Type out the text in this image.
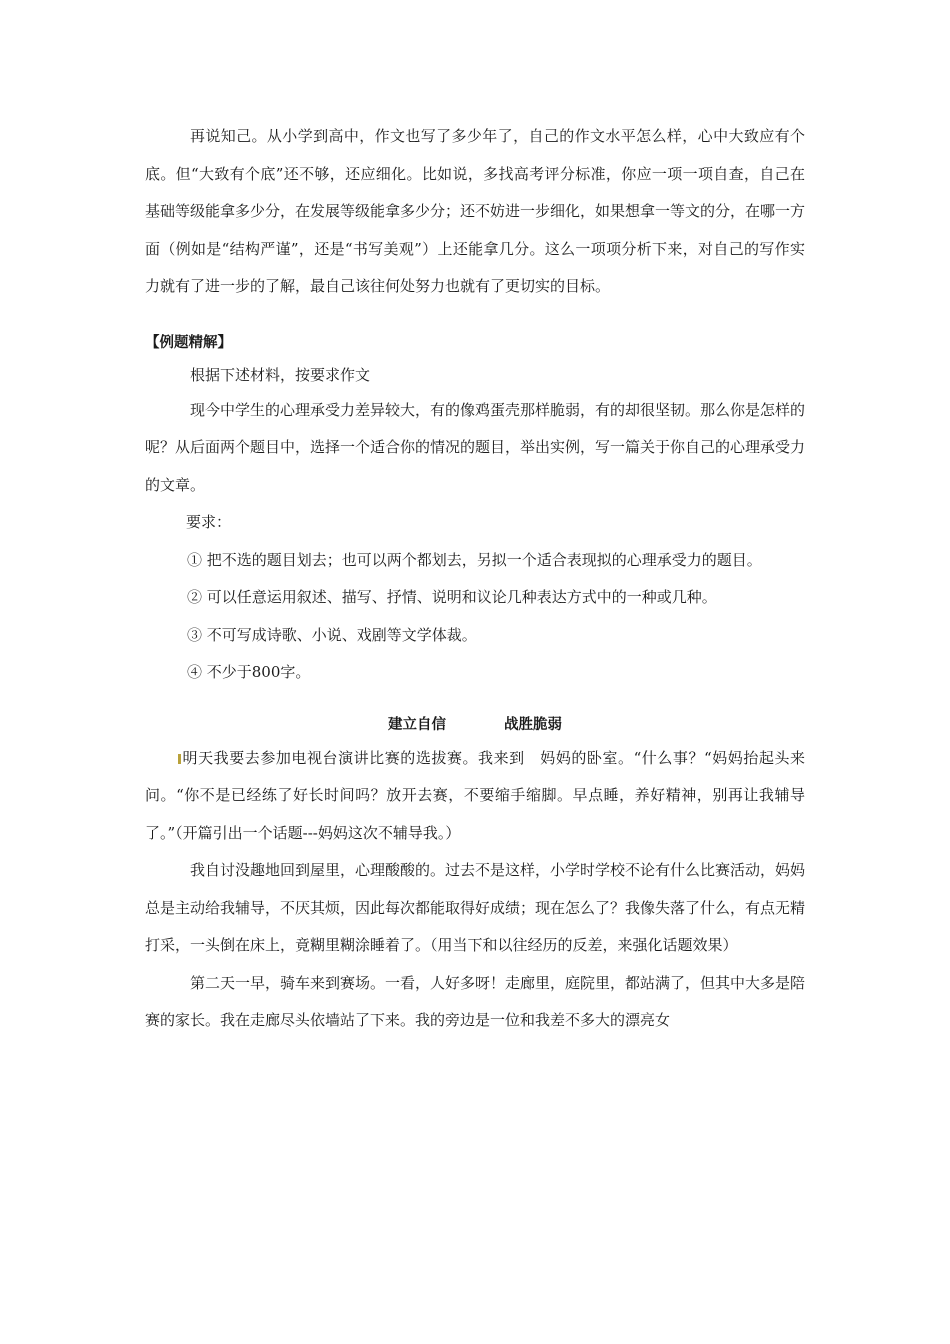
再说知己。从小学到高中，作文也写了多少年了，自己的作文水平怎么样，心中大致应有个底。但“大致有个底”还不够，还应细化。比如说，多找高考评分标准，你应一项一项自查，自己在基础等级能拿多少分，在发展等级能拿多少分；还不妨进一步细化，如果想拿一等文的分，在哪一方面（例如是“结构严谨”，还是“书写美观”）上还能拿几分。这么一项项分析下来，对自己的写作实力就有了进一步的了解，最自己该往何处努力也就有了更切实的目标。

【例题精解】

根据下述材料，按要求作文

现今中学生的心理承受力差异较大，有的像鸡蛋壳那样脆弱，有的却很坚韧。那么你是怎样的呢？从后面两个题目中，选择一个适合你的情况的题目，举出实例，写一篇关于你自己的心理承受力的文章。

要求：

① 把不选的题目划去；也可以两个都划去，另拟一个适合表现拟的心理承受力的题目。

② 可以任意运用叙述、描写、抒情、说明和议论几种表达方式中的一种或几种。

③ 不可写成诗歌、小说、戏剧等文学体裁。

④ 不少于800字。

建立自信	战胜脆弱

明天我要去参加电视台演讲比赛的选拔赛。我来到　妈妈的卧室。“什么事？“妈妈抬起头来问。“你不是已经练了好长时间吗？放开去赛，不要缩手缩脚。早点睡，养好精神，别再让我辅导了。”（开篇引出一个话题---妈妈这次不辅导我。）

我自讨没趣地回到屋里，心理酸酸的。过去不是这样，小学时学校不论有什么比赛活动，妈妈总是主动给我辅导，不厌其烦，因此每次都能取得好成绩；现在怎么了？我像失落了什么，有点无精打采，一头倒在床上，竟糊里糊涂睡着了。（用当下和以往经历的反差，来强化话题效果）

第二天一早，骑车来到赛场。一看，人好多呀！走廊里，庭院里，都站满了，但其中大多是陪赛的家长。我在走廊尽头依墙站了下来。我的旁边是一位和我差不多大的漂亮女
